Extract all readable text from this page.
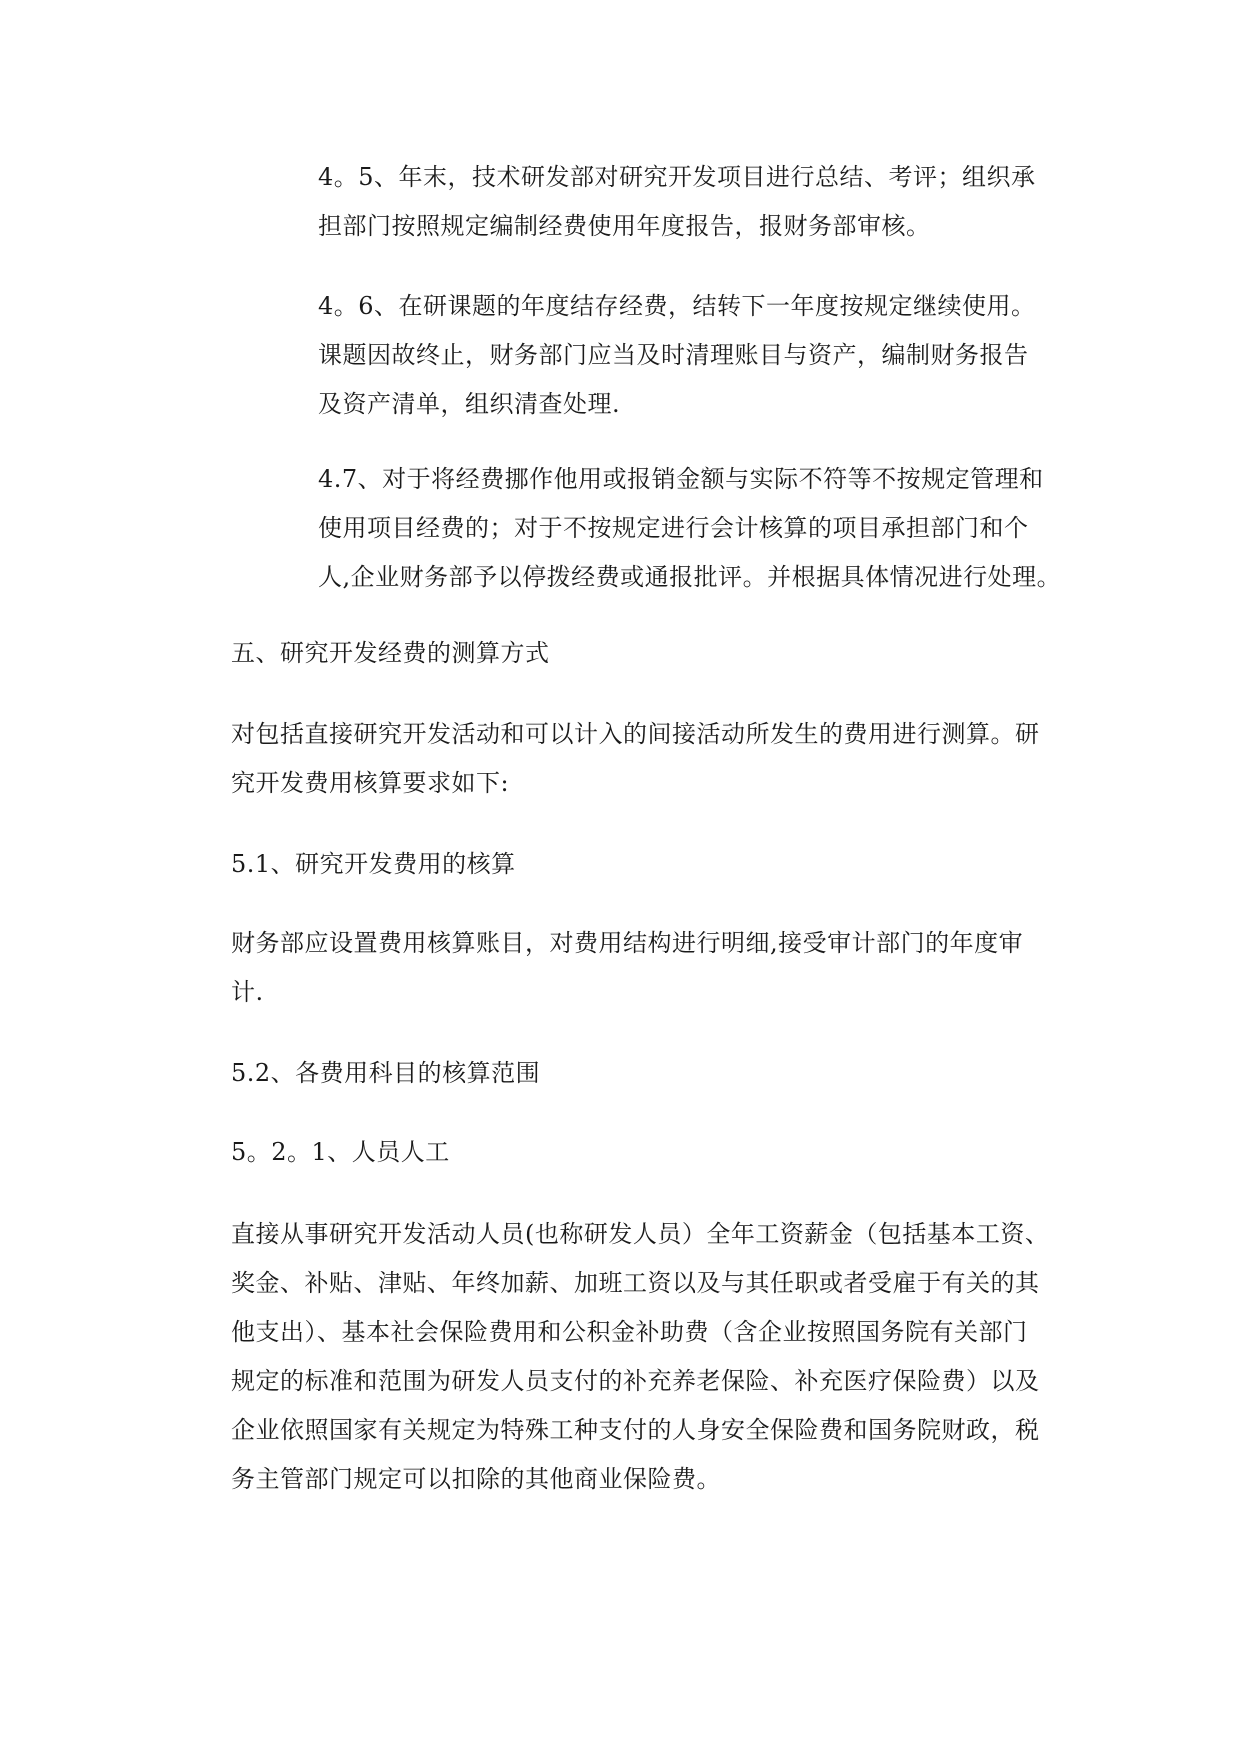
4。5、年末，技术研发部对研究开发项目进行总结、考评；组织承
担部门按照规定编制经费使用年度报告，报财务部审核。

4。6、在研课题的年度结存经费，结转下一年度按规定继续使用。
课题因故终止，财务部门应当及时清理账目与资产，编制财务报告
及资产清单，组织清查处理.

4.7、对于将经费挪作他用或报销金额与实际不符等不按规定管理和
使用项目经费的；对于不按规定进行会计核算的项目承担部门和个
人,企业财务部予以停拨经费或通报批评。并根据具体情况进行处理。

五、研究开发经费的测算方式

对包括直接研究开发活动和可以计入的间接活动所发生的费用进行测算。研
究开发费用核算要求如下:

5.1、研究开发费用的核算

财务部应设置费用核算账目，对费用结构进行明细,接受审计部门的年度审
计.

5.2、各费用科目的核算范围

5。2。1、人员人工

直接从事研究开发活动人员(也称研发人员）全年工资薪金（包括基本工资、
奖金、补贴、津贴、年终加薪、加班工资以及与其任职或者受雇于有关的其
他支出）、基本社会保险费用和公积金补助费（含企业按照国务院有关部门
规定的标准和范围为研发人员支付的补充养老保险、补充医疗保险费）以及
企业依照国家有关规定为特殊工种支付的人身安全保险费和国务院财政，税
务主管部门规定可以扣除的其他商业保险费。
